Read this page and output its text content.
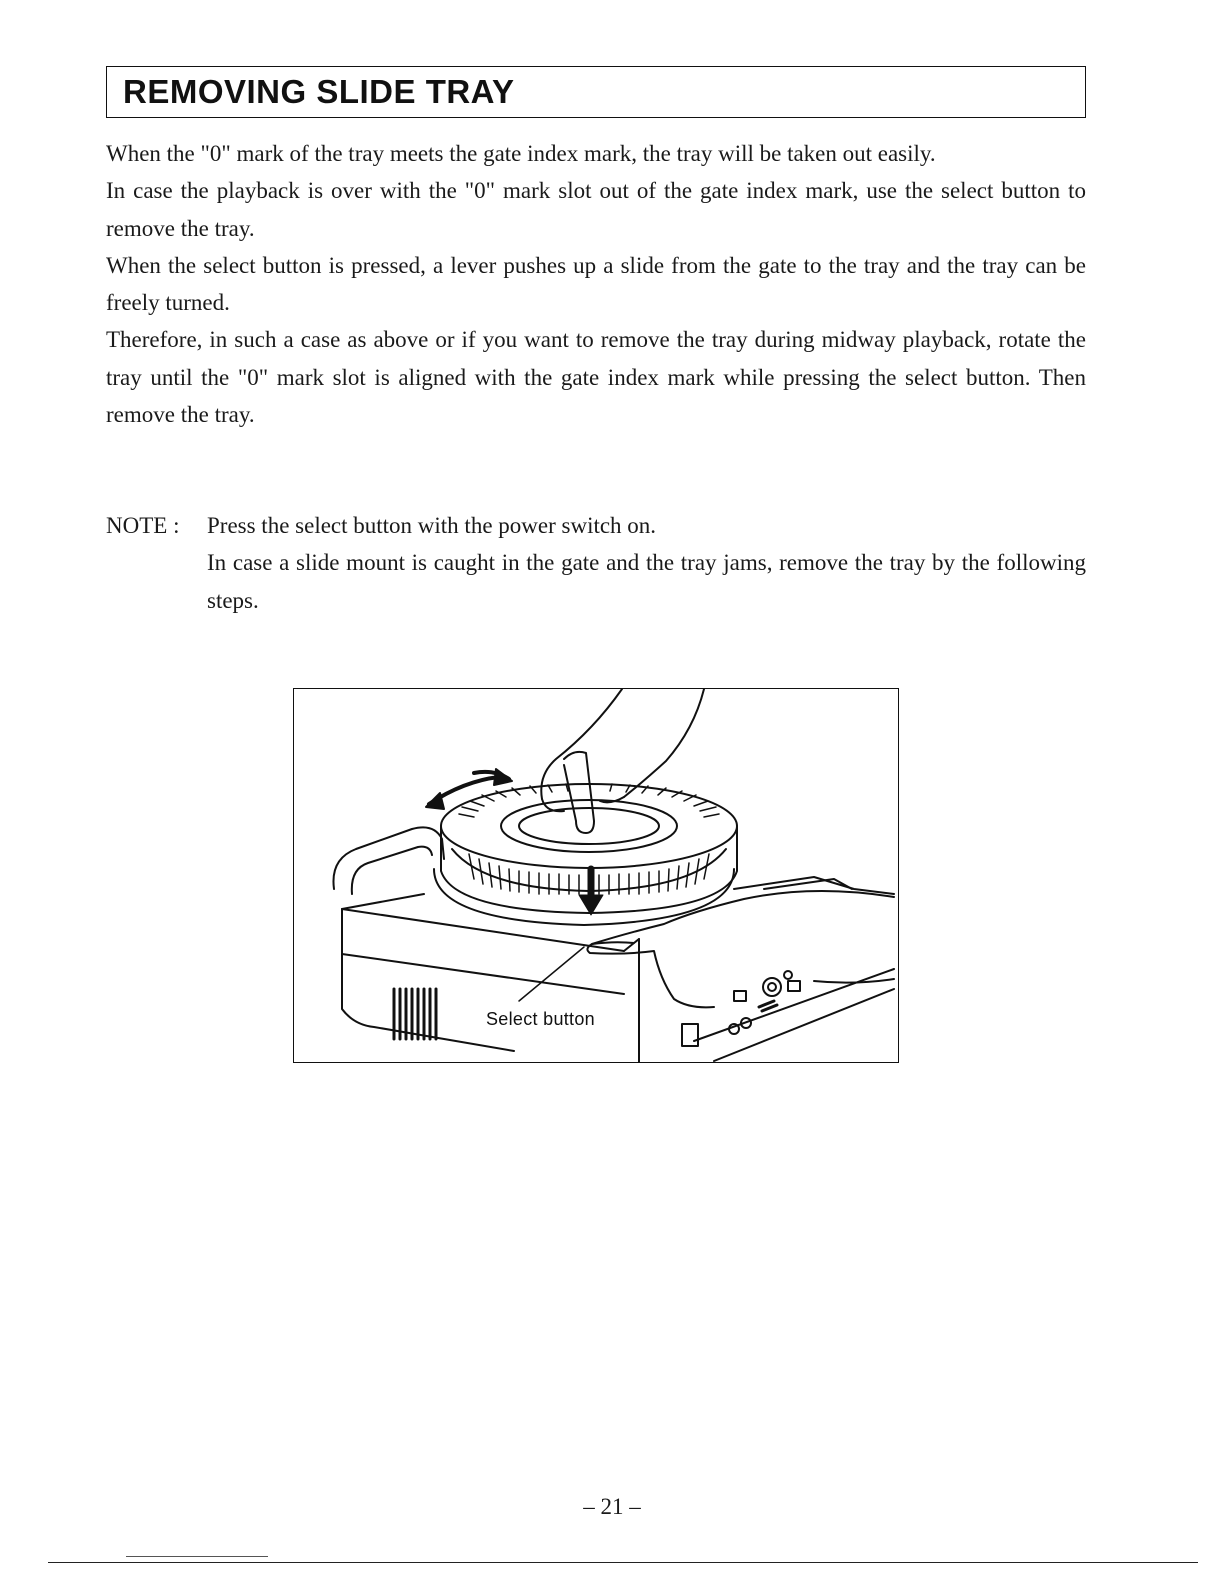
REMOVING SLIDE TRAY
When the "0" mark of the tray meets the gate index mark, the tray will be taken out easily.
In case the playback is over with the "0" mark slot out of the gate index mark, use the select button to remove the tray.
When the select button is pressed, a lever pushes up a slide from the gate to the tray and the tray can be freely turned.
Therefore, in such a case as above or if you want to remove the tray during midway playback, rotate the tray until the "0" mark slot is aligned with the gate index mark while pressing the select button. Then remove the tray.
NOTE : Press the select button with the power switch on.
In case a slide mount is caught in the gate and the tray jams, remove the tray by the following steps.
Select button
– 21 –
